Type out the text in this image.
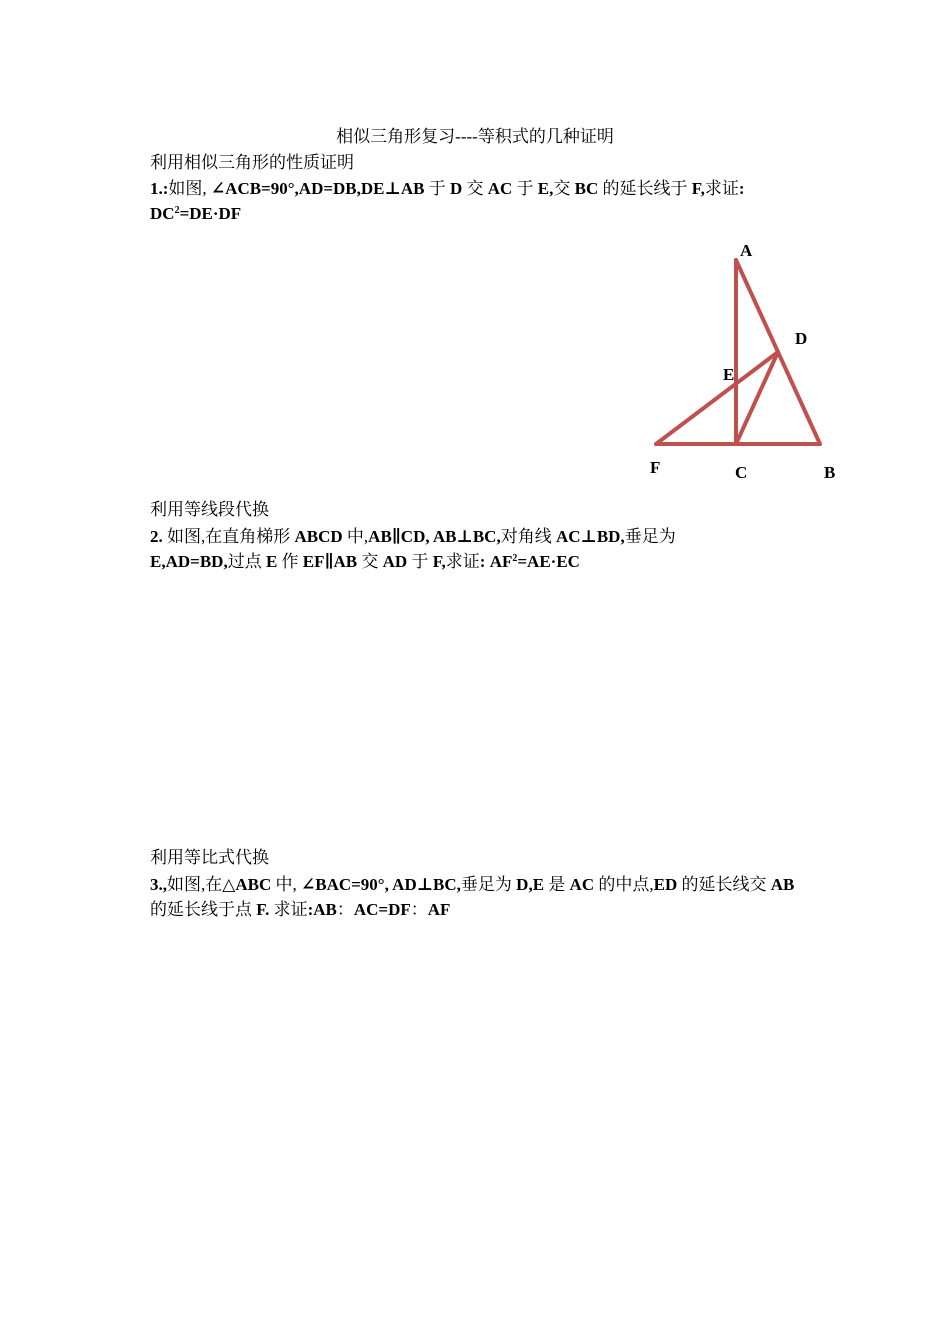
相似三角形复习----等积式的几种证明
利用相似三角形的性质证明
1.:如图, ∠ACB=90°,AD=DB,DE⊥AB 于 D 交 AC 于 E,交 BC 的延长线于 F,求证: $DC^2=DE\cdot DF$
A
D
E
F	C	B
利用等线段代换
2. 如图,在直角梯形 ABCD 中,AB∥CD, AB⊥BC,对角线 AC⊥BD,垂足为
E,AD=BD,过点 E 作 EF∥AB 交 AD 于 F,求证: $AF^2=AE\cdot EC$
利用等比式代换
3.,如图,在△ABC 中, ∠BAC=90°, AD⊥BC,垂足为 D,E 是 AC 的中点,ED 的延长线交 AB 的延长线于点 F. 求证:AB：AC=DF：AF
